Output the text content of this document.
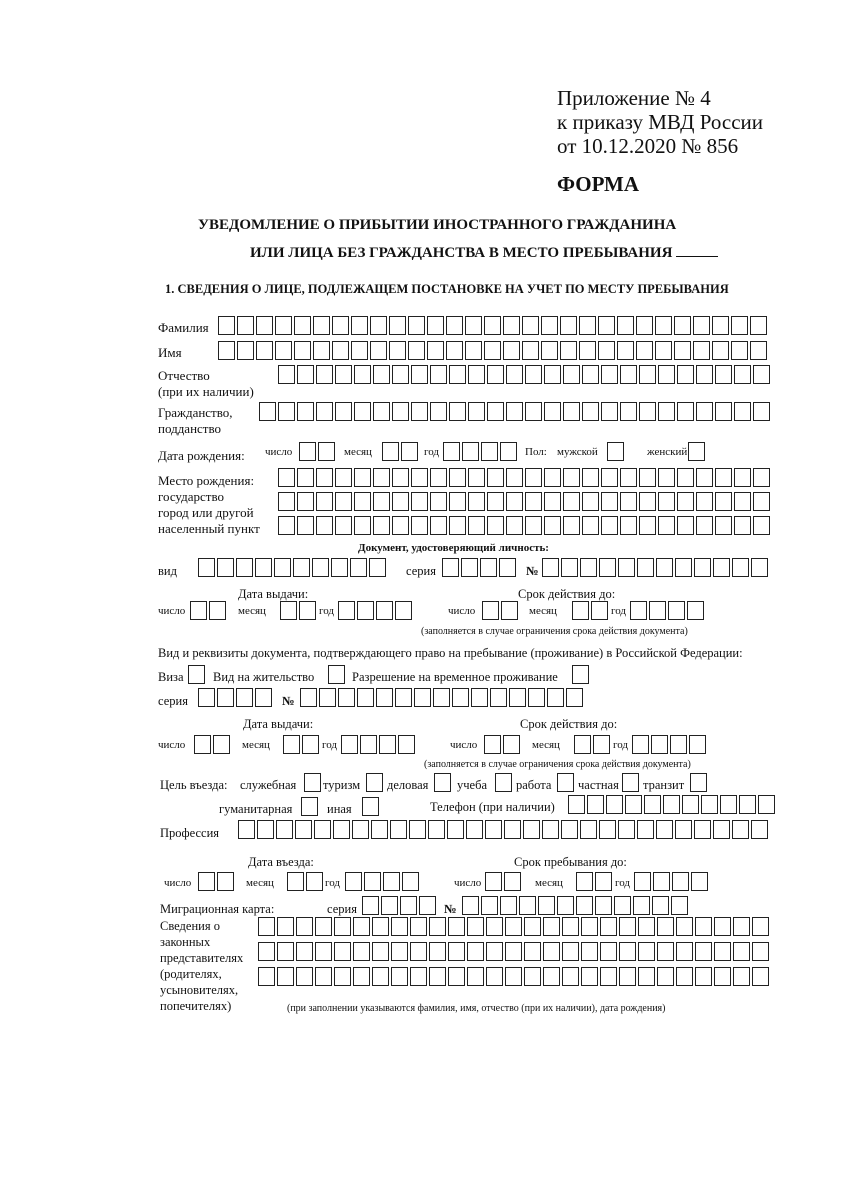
Приложение № 4
к приказу МВД России
от 10.12.2020 № 856
ФОРМА
УВЕДОМЛЕНИЕ О ПРИБЫТИИ ИНОСТРАННОГО ГРАЖДАНИНА
ИЛИ ЛИЦА БЕЗ ГРАЖДАНСТВА В МЕСТО ПРЕБЫВАНИЯ
1. СВЕДЕНИЯ О ЛИЦЕ, ПОДЛЕЖАЩЕМ ПОСТАНОВКЕ НА УЧЕТ ПО МЕСТУ ПРЕБЫВАНИЯ
Фамилия
Имя
Отчество
(при их наличии)
Гражданство,
подданство
Дата рождения: число	месяц	год	Пол: мужской	женский
Место рождения:
государство
город или другой
населенный пункт
Документ, удостоверяющий личность:
вид	серия	№
Дата выдачи:	Срок действия до:
число	месяц	год	число	месяц	год
(заполняется в случае ограничения срока действия документа)
Вид и реквизиты документа, подтверждающего право на пребывание (проживание) в Российской Федерации:
Виза Вид на жительство	Разрешение на временное проживание
серия	№
Дата выдачи:	Срок действия до:
число	месяц	год	число	месяц	год
(заполняется в случае ограничения срока действия документа)
Цель въезда: служебная туризм деловая учеба работа частная транзит
гуманитарная	иная	Телефон (при наличии)
Профессия
Дата въезда:	Срок пребывания до:
число	месяц	год	число	месяц	год
Миграционная карта:	серия	№
Сведения о
законных
представителях
(родителях,
усыновителях,
попечителях)	(при заполнении указываются фамилия, имя, отчество (при их наличии), дата рождения)
